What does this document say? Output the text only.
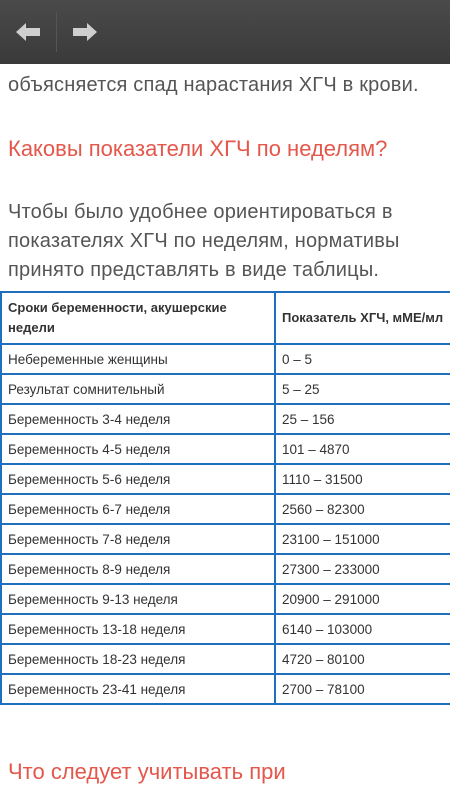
объясняется спад нарастания ХГЧ в крови.

Каковы показатели ХГЧ по неделям?

Чтобы было удобнее ориентироваться в

показателях ХГЧ по неделям, нормативы

принято представлять в виде таблицы.

Сроки беременности, акушерские недели	Показатель ХГЧ, мМЕ/мл
Небеременные женщины	0 – 5
Результат сомнительный	5 – 25
Беременность 3-4 неделя	25 – 156
Беременность 4-5 неделя	101 – 4870
Беременность 5-6 неделя	1110 – 31500
Беременность 6-7 неделя	2560 – 82300
Беременность 7-8 неделя	23100 – 151000
Беременность 8-9 неделя	27300 – 233000
Беременность 9-13 неделя	20900 – 291000
Беременность 13-18 неделя	6140 – 103000
Беременность 18-23 неделя	4720 – 80100
Беременность 23-41 неделя	2700 – 78100
Что следует учитывать при
